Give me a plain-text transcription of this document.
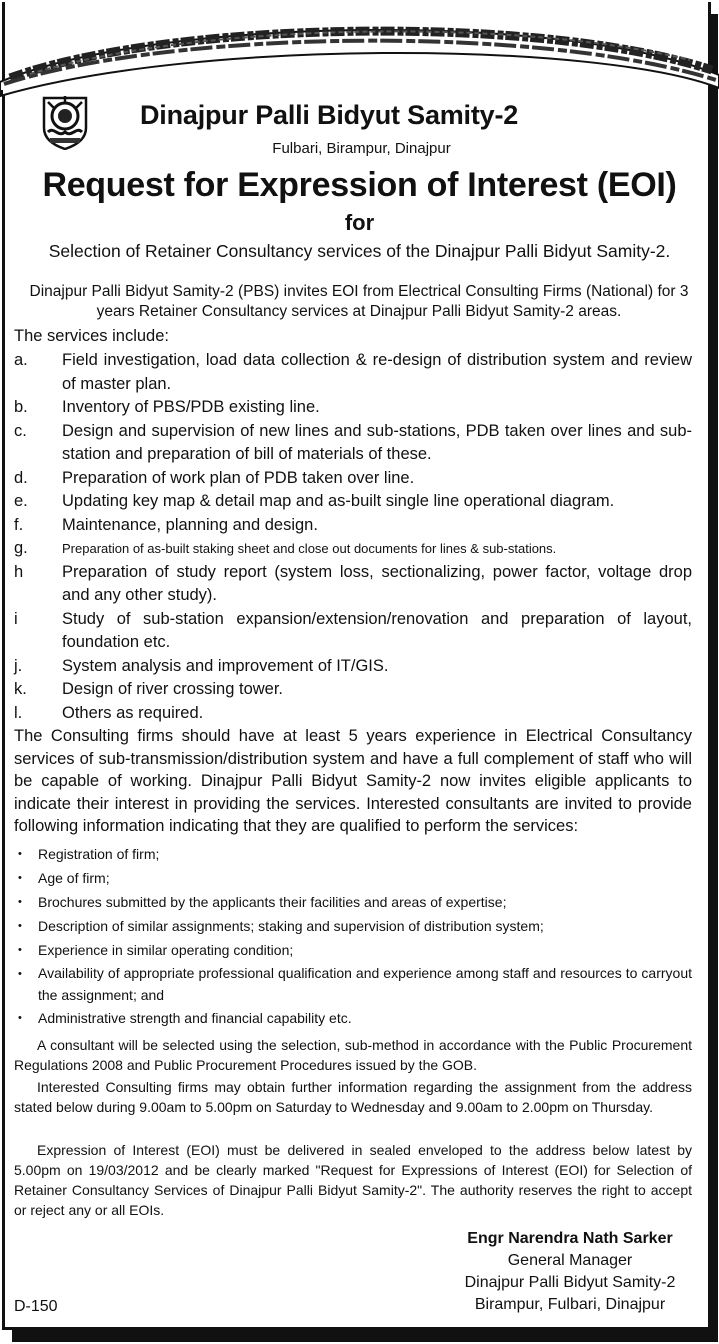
Dinajpur Palli Bidyut Samity-2
Fulbari, Birampur, Dinajpur
Request for Expression of Interest (EOI)
for
Selection of Retainer Consultancy services of the Dinajpur Palli Bidyut Samity-2.
Dinajpur Palli Bidyut Samity-2 (PBS) invites EOI from Electrical Consulting Firms (National) for 3 years Retainer Consultancy services at Dinajpur Palli Bidyut Samity-2 areas.
The services include:
a.	Field investigation, load data collection & re-design of distribution system and review of master plan.
b.	Inventory of PBS/PDB existing line.
c.	Design and supervision of new lines and sub-stations, PDB taken over lines and sub-station and preparation of bill of materials of these.
d.	Preparation of work plan of PDB taken over line.
e.	Updating key map & detail map and as-built single line operational diagram.
f.	Maintenance, planning and design.
g.	Preparation of as-built staking sheet and close out documents for lines & sub-stations.
h	Preparation of study report (system loss, sectionalizing, power factor, voltage drop and any other study).
i	Study of sub-station expansion/extension/renovation and preparation of layout, foundation etc.
j.	System analysis and improvement of IT/GIS.
k.	Design of river crossing tower.
l.	Others as required.
The Consulting firms should have at least 5 years experience in Electrical Consultancy services of sub-transmission/distribution system and have a full complement of staff who will be capable of working. Dinajpur Palli Bidyut Samity-2 now invites eligible applicants to indicate their interest in providing the services. Interested consultants are invited to provide following information indicating that they are qualified to perform the services:
•	Registration of firm;
•	Age of firm;
•	Brochures submitted by the applicants their facilities and areas of expertise;
•	Description of similar assignments; staking and supervision of distribution system;
•	Experience in similar operating condition;
•	Availability of appropriate professional qualification and experience among staff and resources to carryout the assignment; and
•	Administrative strength and financial capability etc.
A consultant will be selected using the selection, sub-method in accordance with the Public Procurement Regulations 2008 and Public Procurement Procedures issued by the GOB.
Interested Consulting firms may obtain further information regarding the assignment from the address stated below during 9.00am to 5.00pm on Saturday to Wednesday and 9.00am to 2.00pm on Thursday.
Expression of Interest (EOI) must be delivered in sealed enveloped to the address below latest by 5.00pm on 19/03/2012 and be clearly marked "Request for Expressions of Interest (EOI) for Selection of Retainer Consultancy Services of Dinajpur Palli Bidyut Samity-2". The authority reserves the right to accept or reject any or all EOIs.
Engr Narendra Nath Sarker
General Manager
Dinajpur Palli Bidyut Samity-2
Birampur, Fulbari, Dinajpur
D-150
